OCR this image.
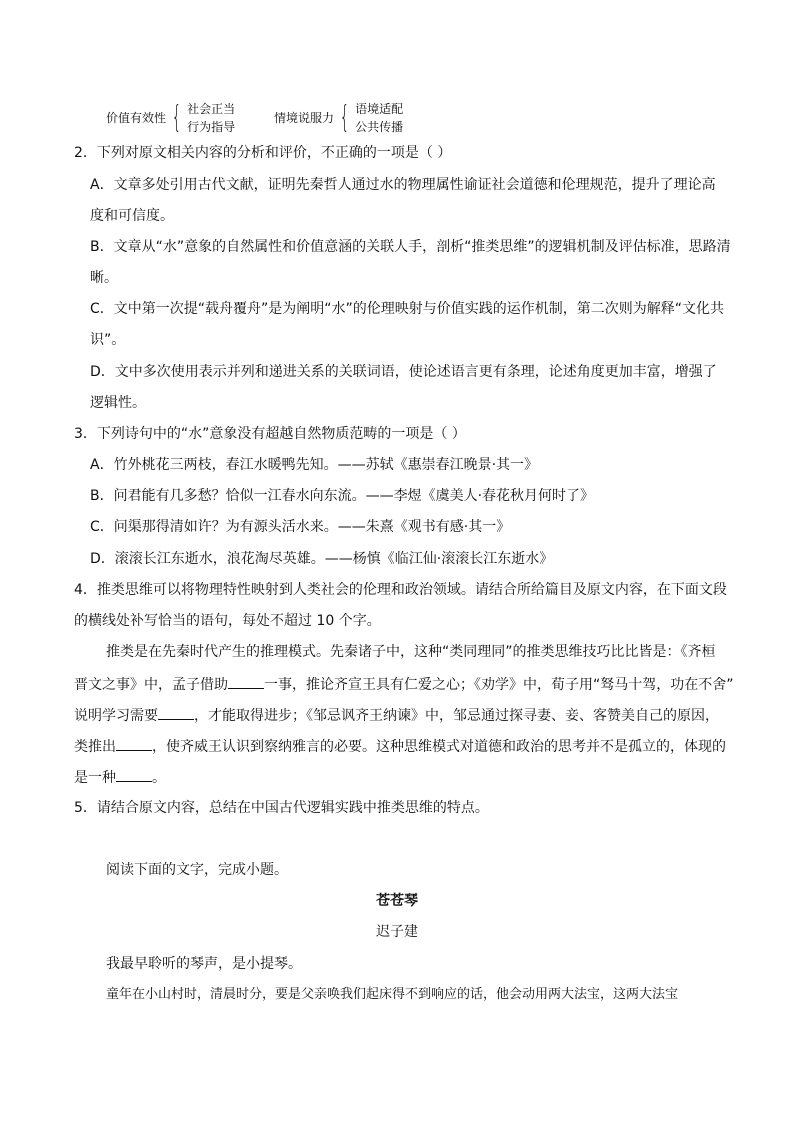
价值有效性 { 社会正当
行为指导
情境说服力 { 语境适配
公共传播
2．下列对原文相关内容的分析和评价，不正确的一项是（ ）
A．文章多处引用古代文献，证明先秦哲人通过水的物理属性谕证社会道德和伦理规范，提升了理论高
度和可信度。
B．文章从“水”意象的自然属性和价值意涵的关联人手，剖析“推类思维”的逻辑机制及评估标准，思路清
晰。
C．文中第一次提“载舟覆舟”是为阐明“水”的伦理映射与价值实践的运作机制，第二次则为解释“文化共
识”。
D．文中多次使用表示并列和递进关系的关联词语，使论述语言更有条理，论述角度更加丰富，增强了
逻辑性。
3．下列诗句中的“水”意象没有超越自然物质范畴的一项是（ ）
A．竹外桃花三两枝，春江水暖鸭先知。——苏轼《惠崇春江晚景·其一》
B．问君能有几多愁？恰似一江春水向东流。——李煜《虞美人·春花秋月何时了》
C．问渠那得清如许？为有源头活水来。——朱熹《观书有感·其一》
D．滚滚长江东逝水，浪花淘尽英雄。——杨慎《临江仙·滚滚长江东逝水》
4．推类思维可以将物理特性映射到人类社会的伦理和政治领域。请结合所给篇目及原文内容，在下面文段
的横线处补写恰当的语句，每处不超过 10 个字。
推类是在先秦时代产生的推理模式。先秦诸子中，这种“类同理同”的推类思维技巧比比皆是：《齐桓
晋文之事》中，孟子借助	一事，推论齐宣王具有仁爱之心；《劝学》中，荀子用“驽马十驾，功在不舍”
说明学习需要	，才能取得进步；《邹忌讽齐王纳谏》中，邹忌通过探寻妻、妾、客赞美自己的原因，
类推出	，使齐威王认识到察纳雅言的必要。这种思维模式对道德和政治的思考并不是孤立的，体现的
是一种	。
5．请结合原文内容，总结在中国古代逻辑实践中推类思维的特点。
阅读下面的文字，完成小题。
苍苍琴
迟子建
我最早聆听的琴声，是小提琴。
童年在小山村时，清晨时分，要是父亲唤我们起床得不到响应的话，他会动用两大法宝，这两大法宝
